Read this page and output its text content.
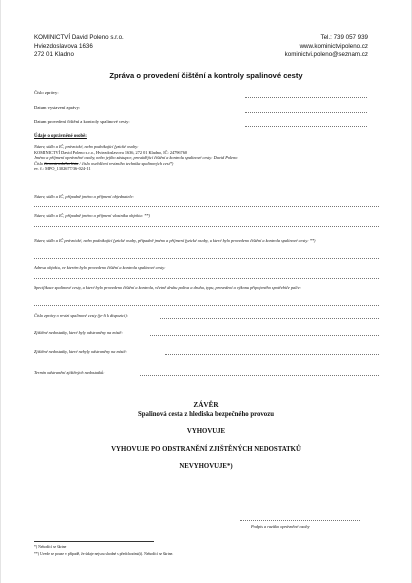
KOMINICTVÍ David Poleno s.r.o.
Hviezdoslavova 1636
272 01 Kladno
Tel.: 739 057 939
www.kominictvipoleno.cz
kominictvi.poleno@seznam.cz
Zpráva o provedení čištění a kontroly spalinové cesty
Číslo zprávy:
Datum vystavení zprávy:
Datum provedení čištění a kontroly spalinové cesty:
Údaje o oprávněné osobě:
Název, sídlo a IČ, právnické, nebo podnikající fyzické osoby:
KOMINICTVÍ David Poleno s.r.o., Hviezdoslavova 1636, 272 01 Kladno, IČ: 24796760
Jméno a příjmení oprávněné osoby, nebo jejího zástupce, provádějící čištění a kontrolu spalinové cesty: David Poleno
Číslo živnostenského listu / číslo osvědčení revizního technika spalinových cest*)
ev. č.: MPO_1302677/36-024-11
Název, sídlo a IČ, případně jméno a příjmení objednatele:
Název, sídlo a IČ, případně jméno a příjmení vlastníka objektu: **)
Název, sídlo a IČ právnické, nebo podnikající fyzické osoby, případně jméno a příjmení fyzické osoby, u které bylo provedeno čištění a kontrola spalinové cesty: **)
Adresa objektu, ve kterém bylo provedeno čištění a kontrola spalinové cesty:
Specifikace spalinové cesty, u které bylo provedeno čištění a kontrola, včetně druhu paliva a druhu, typu, provedení a výkonu připojeného spotřebiče paliv:
Číslo zprávy o revizi spalinové cesty (je-li k dispozici):
Zjištěné nedostatky, které byly odstraněny na místě:
Zjištěné nedostatky, které nebyly odstraněny na místě:
Termín odstranění zjištěných nedostatků:
ZÁVĚR
Spalinová cesta z hlediska bezpečného provozu
VYHOVUJE
VYHOVUJE PO ODSTRANĚNÍ ZJIŠTĚNÝCH NEDOSTATKŮ
NEVYHOVUJE*)
Podpis a razítko oprávněné osoby
*) Nehodící se škrtne
**) Uvede se pouze v případě, že údaje nejsou shodné s předchozími(i). Nehodící se škrtne.
